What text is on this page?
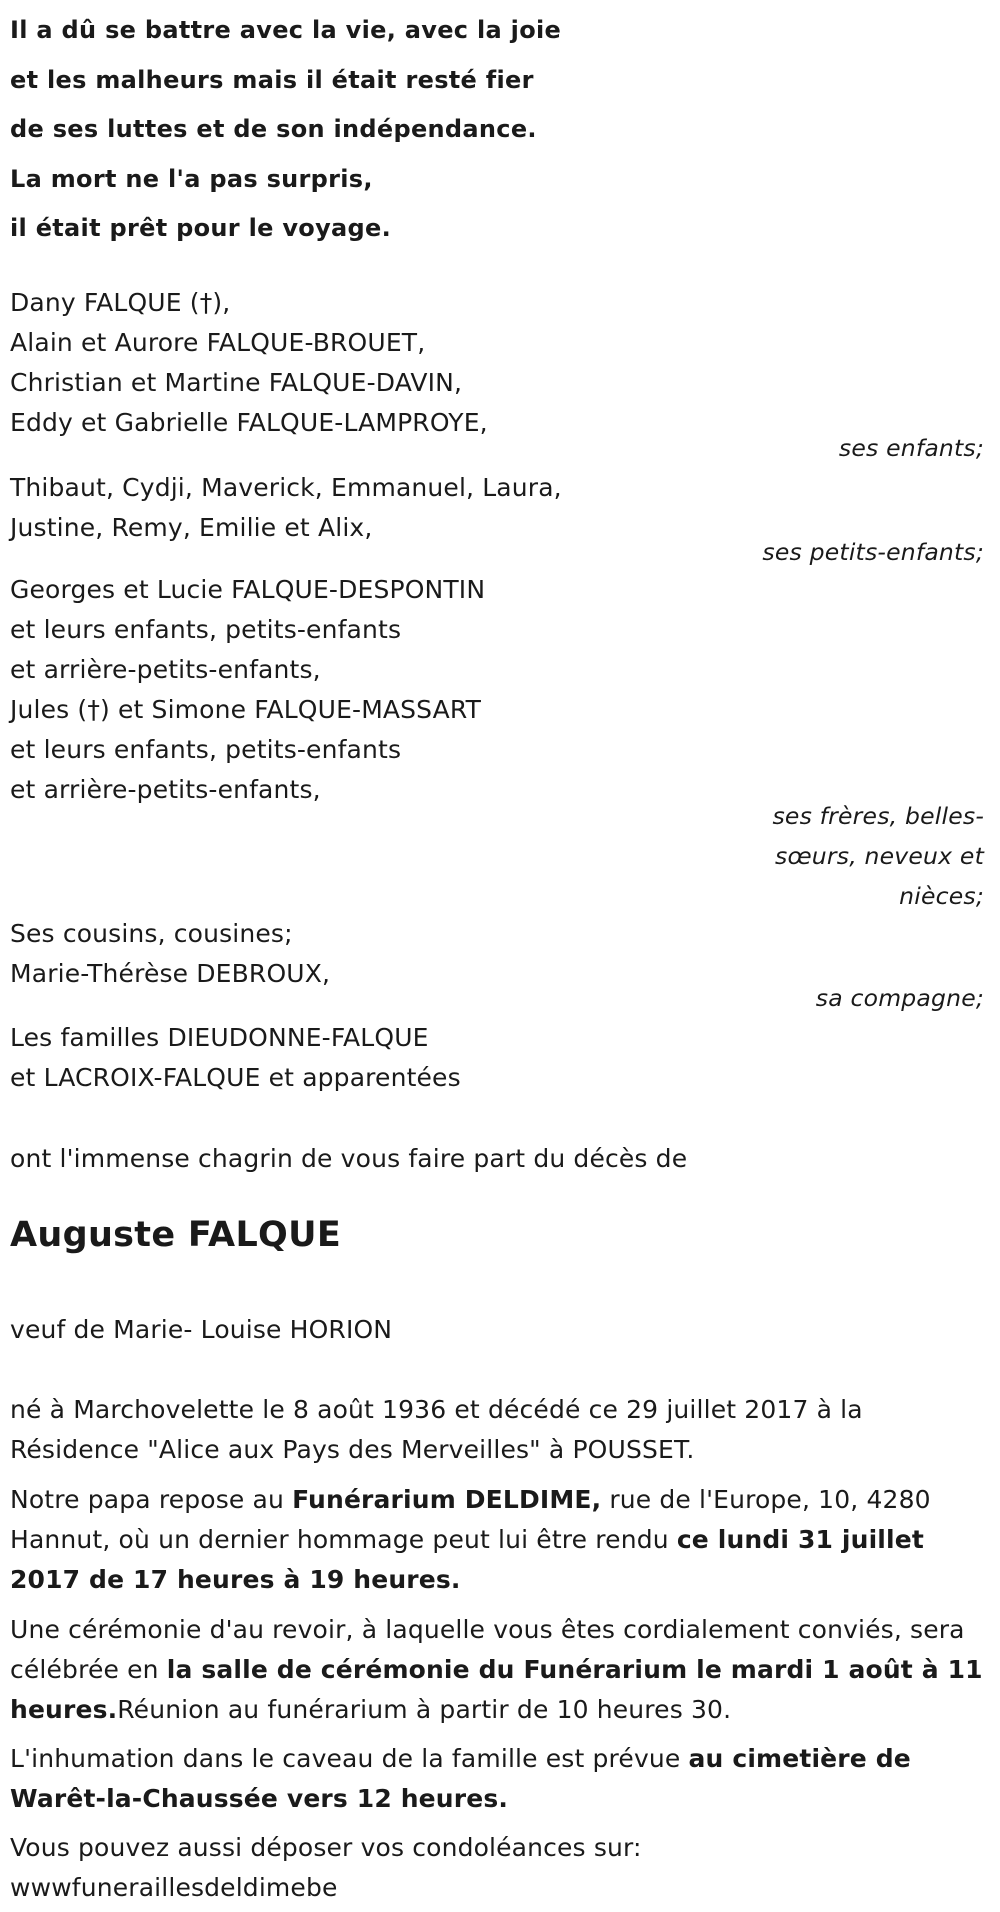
Il a dû se battre avec la vie, avec la joie
et les malheurs mais il était resté fier
de ses luttes et de son indépendance.
La mort ne l'a pas surpris,
il était prêt pour le voyage.
Dany FALQUE (†),
Alain et Aurore FALQUE-BROUET,
Christian et Martine FALQUE-DAVIN,
Eddy et Gabrielle FALQUE-LAMPROYE,
ses enfants;
Thibaut, Cydji, Maverick, Emmanuel, Laura,
Justine, Remy, Emilie et Alix,
ses petits-enfants;
Georges et Lucie FALQUE-DESPONTIN
et leurs enfants, petits-enfants
et arrière-petits-enfants,
Jules (†) et Simone FALQUE-MASSART
et leurs enfants, petits-enfants
et arrière-petits-enfants,
ses frères, belles-
sœurs, neveux et
nièces;
Ses cousins, cousines;
Marie-Thérèse DEBROUX,
sa compagne;
Les familles DIEUDONNE-FALQUE
et LACROIX-FALQUE et apparentées
ont l'immense chagrin de vous faire part du décès de
Auguste FALQUE
veuf de Marie- Louise HORION

né à Marchovelette le 8 août 1936 et décédé ce 29 juillet 2017 à la Résidence "Alice aux Pays des Merveilles" à POUSSET.

Notre papa repose au Funérarium DELDIME, rue de l'Europe, 10, 4280 Hannut, où un dernier hommage peut lui être rendu ce lundi 31 juillet 2017 de 17 heures à 19 heures.

Une cérémonie d'au revoir, à laquelle vous êtes cordialement conviés, sera célébrée en la salle de cérémonie du Funérarium le mardi 1 août à 11 heures.Réunion au funérarium à partir de 10 heures 30.

L'inhumation dans le caveau de la famille est prévue au cimetière de Warêt-la-Chaussée vers 12 heures.

Vous pouvez aussi déposer vos condoléances sur:
wwwfuneraillesdeldimebe
